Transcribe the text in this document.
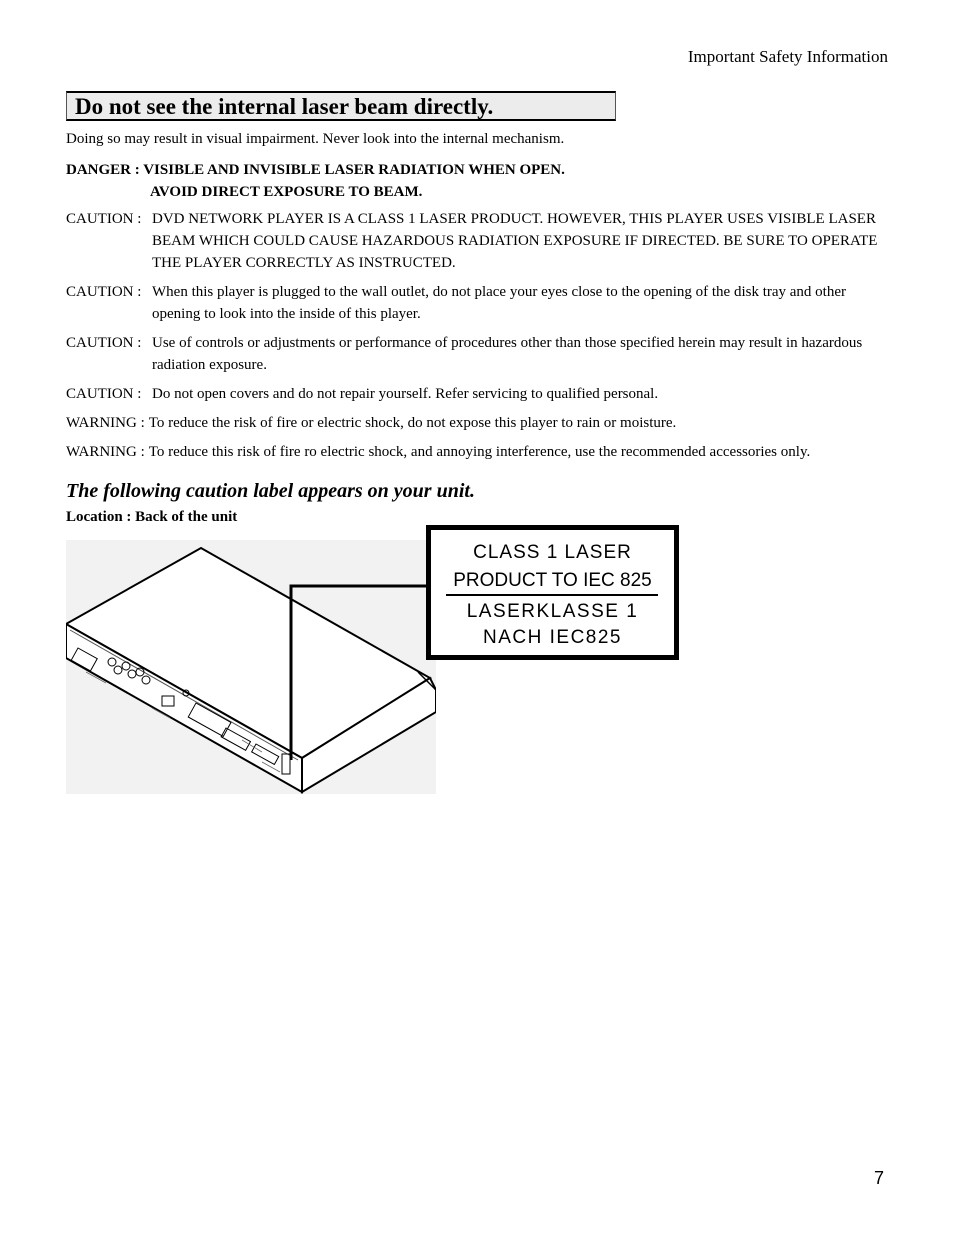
Important Safety Information
Do not see the internal laser beam directly.
Doing so may result in visual impairment. Never look into the internal mechanism.
DANGER : VISIBLE AND INVISIBLE LASER RADIATION WHEN OPEN.
AVOID DIRECT EXPOSURE TO BEAM.
CAUTION : DVD NETWORK PLAYER IS A CLASS 1 LASER PRODUCT. HOWEVER, THIS PLAYER USES VISIBLE LASER BEAM WHICH COULD CAUSE HAZARDOUS RADIATION EXPOSURE IF DIRECTED. BE SURE TO OPERATE THE PLAYER CORRECTLY AS INSTRUCTED.
CAUTION : When this player is plugged to the wall outlet, do not place your eyes close to the opening of the disk tray and other opening to look into the inside of this player.
CAUTION : Use of controls or adjustments or performance of procedures other than those specified herein may result in hazardous radiation exposure.
CAUTION : Do not open covers and do not repair yourself. Refer servicing to qualified personal.
WARNING : To reduce the risk of fire or electric shock, do not expose this player to rain or moisture.
WARNING : To reduce this risk of fire ro electric shock, and annoying interference, use the recommended accessories only.
The following caution label appears on your unit.
Location : Back of the unit
CLASS 1 LASER
PRODUCT TO IEC 825
LASERKLASSE 1
NACH IEC825
7
